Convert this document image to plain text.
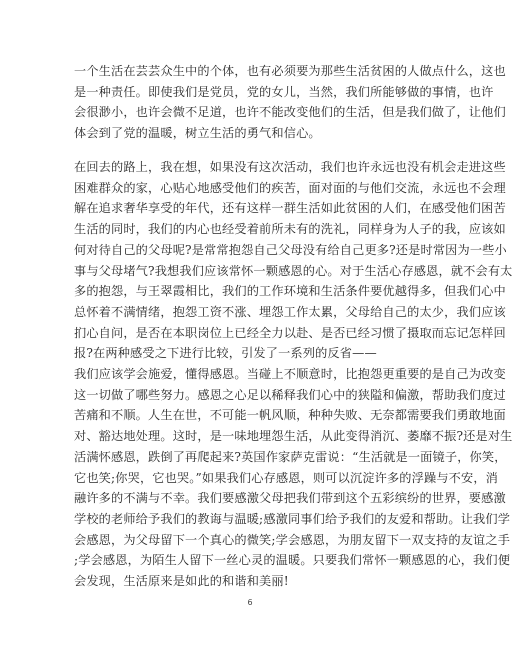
一个生活在芸芸众生中的个体，也有必须要为那些生活贫困的人做点什么，这也
是一种责任。即使我们是党员，党的女儿，当然，我们所能够做的事情，也许
会很渺小，也许会微不足道，也许不能改变他们的生活，但是我们做了，让他们
体会到了党的温暖，树立生活的勇气和信心。
在回去的路上，我在想，如果没有这次活动，我们也许永远也没有机会走进这些
困难群众的家，心贴心地感受他们的疾苦，面对面的与他们交流，永远也不会理
解在追求奢华享受的年代，还有这样一群生活如此贫困的人们，在感受他们困苦
生活的同时，我们的内心也经受着前所未有的洗礼，同样身为人子的我，应该如
何对待自己的父母呢?是常常抱怨自己父母没有给自己更多?还是时常因为一些小
事与父母堵气?我想我们应该常怀一颗感恩的心。对于生活心存感恩，就不会有太
多的抱怨，与王翠霞相比，我们的工作环境和生活条件要优越得多，但我们心中
总怀着不满情绪，抱怨工资不涨、埋怨工作太累，父母给自己的太少，我们应该
扪心自问，是否在本职岗位上已经全力以赴、是否已经习惯了摄取而忘记怎样回
报?在两种感受之下进行比较，引发了一系列的反省——
我们应该学会施爱，懂得感恩。当碰上不顺意时，比抱怨更重要的是自己为改变
这一切做了哪些努力。感恩之心足以稀释我们心中的狭隘和偏激，帮助我们度过
苦痛和不顺。人生在世，不可能一帆风顺，种种失败、无奈都需要我们勇敢地面
对、豁达地处理。这时，是一味地埋怨生活，从此变得消沉、萎靡不振?还是对生
活满怀感恩，跌倒了再爬起来?英国作家萨克雷说：“生活就是一面镜子，你笑，
它也笑;你哭，它也哭。”如果我们心存感恩，则可以沉淀许多的浮躁与不安，消
融许多的不满与不幸。我们要感激父母把我们带到这个五彩缤纷的世界，要感激
学校的老师给予我们的教诲与温暖;感激同事们给予我们的友爱和帮助。让我们学
会感恩，为父母留下一个真心的微笑;学会感恩，为朋友留下一双支持的友谊之手
;学会感恩，为陌生人留下一丝心灵的温暖。只要我们常怀一颗感恩的心，我们便
会发现，生活原来是如此的和谐和美丽!
6
